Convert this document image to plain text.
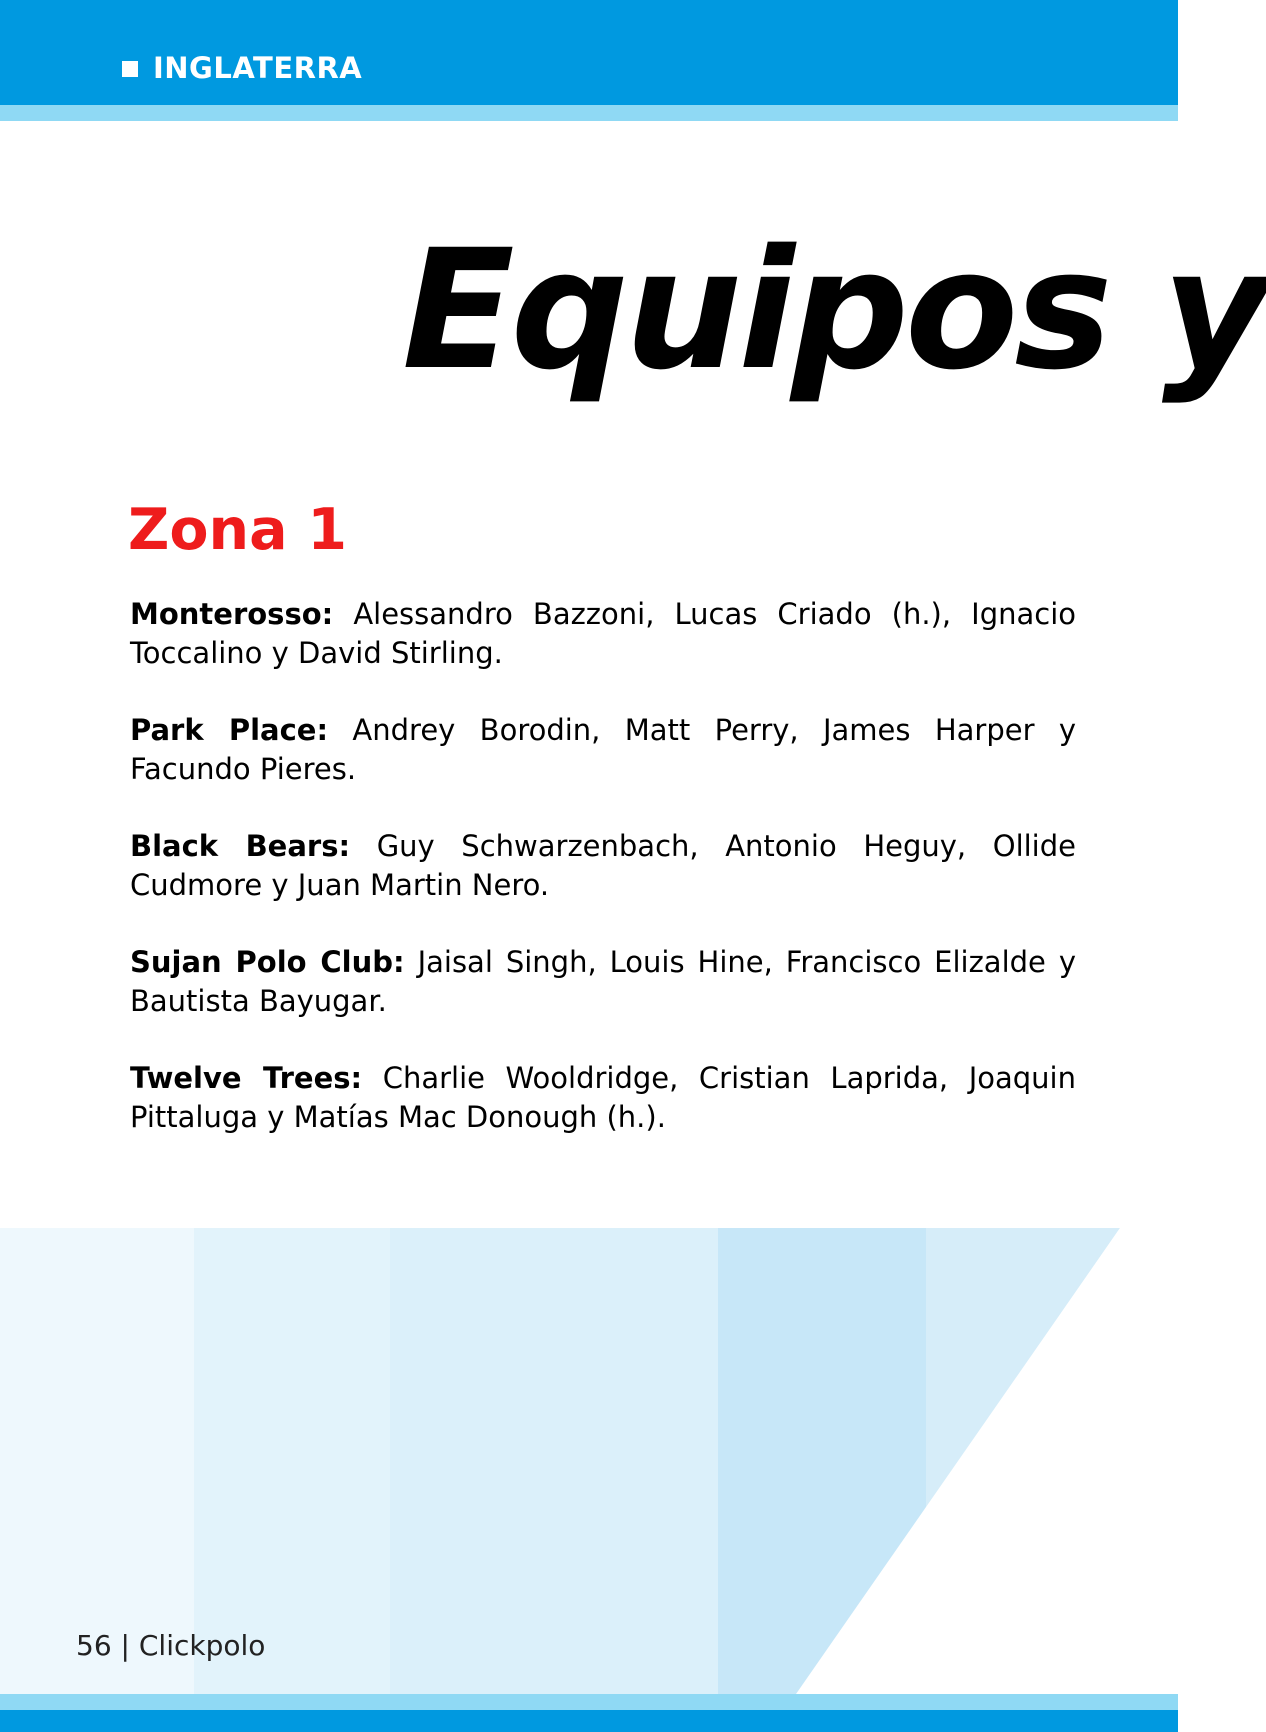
INGLATERRA
Equipos y
Zona 1

Monterosso: Alessandro Bazzoni, Lucas Criado (h.), Ignacio Toccalino y David Stirling.

Park Place: Andrey Borodin, Matt Perry, James Harper y Facundo Pieres.

Black Bears: Guy Schwarzenbach, Antonio Heguy, Ollide Cudmore y Juan Martin Nero.

Sujan Polo Club: Jaisal Singh, Louis Hine, Francisco Elizalde y Bautista Bayugar.

Twelve Trees: Charlie Wooldridge, Cristian Laprida, Joaquin Pittaluga y Matías Mac Donough (h.).

56 | Clickpolo
